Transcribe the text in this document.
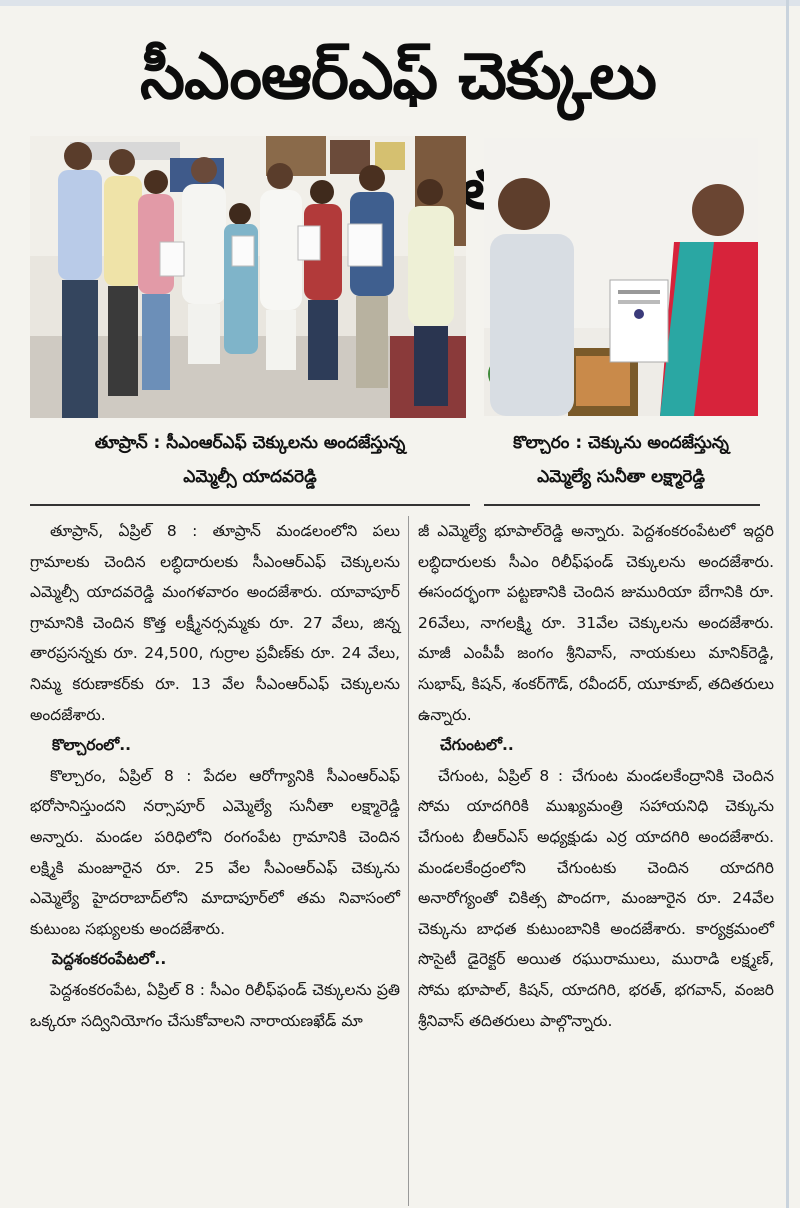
సీఎంఆర్ఎఫ్ చెక్కులు
తూప్రాన్ : సీఎంఆర్ఎఫ్ చెక్కులను అందజేస్తున్న
ఎమ్మెల్సీ యాదవరెడ్డి
కొల్చారం : చెక్కును అందజేస్తున్న
ఎమ్మెల్యే సునీతా లక్ష్మారెడ్డి

తూప్రాన్, ఏప్రిల్ 8 : తూప్రాన్ మండలంలోని పలు గ్రామాలకు చెందిన లబ్ధిదారులకు సీఎంఆర్ఎఫ్ చెక్కులను ఎమ్మెల్సీ యాదవరెడ్డి మంగళవారం అందజేశారు. యావాపూర్ గ్రామానికి చెందిన కొత్త లక్ష్మీనర్సమ్మకు రూ. 27 వేలు, జిన్న తారప్రసన్నకు రూ. 24,500, గుర్రాల ప్రవీణ్‌కు రూ. 24 వేలు, నిమ్మ కరుణాకర్‌కు రూ. 13 వేల సీఎంఆర్ఎఫ్ చెక్కులను అందజేశారు.

కొల్చారంలో..

కొల్చారం, ఏప్రిల్ 8 : పేదల ఆరోగ్యానికి సీఎంఆర్ఎఫ్ భరోసానిస్తుందని నర్సాపూర్ ఎమ్మెల్యే సునీతా లక్ష్మారెడ్డి అన్నారు. మండల పరిధిలోని రంగంపేట గ్రామానికి చెందిన లక్ష్మికి మంజూరైన రూ. 25 వేల సీఎంఆర్ఎఫ్ చెక్కును ఎమ్మెల్యే హైదరాబాద్‌లోని మాదాపూర్‌లో తమ నివాసంలో కుటుంబ సభ్యులకు అందజేశారు.

పెద్దశంకరంపేటలో..

పెద్దశంకరంపేట, ఏప్రిల్ 8 : సీఎం రిలీఫ్‌ఫండ్ చెక్కులను ప్రతి ఒక్కరూ సద్వినియోగం చేసుకోవాలని నారాయణఖేడ్ మా

జీ ఎమ్మెల్యే భూపాల్‌రెడ్డి అన్నారు. పెద్దశంకరంపేటలో ఇద్దరి లబ్ధిదారులకు సీఎం రిలీఫ్‌ఫండ్ చెక్కులను అందజేశారు. ఈసందర్భంగా పట్టణానికి చెందిన జుమురియా బేగానికి రూ. 26వేలు, నాగలక్ష్మి రూ. 31వేల చెక్కులను అందజేశారు. మాజీ ఎంపీపీ జంగం శ్రీనివాస్, నాయకులు మానిక్‌రెడ్డి, సుభాష్, కిషన్, శంకర్‌గౌడ్, రవీందర్, యూకూబ్, తదితరులు ఉన్నారు.

చేగుంటలో..

చేగుంట, ఏప్రిల్ 8 : చేగుంట మండలకేంద్రానికి చెందిన సోమ యాదగిరికి ముఖ్యమంత్రి సహాయనిధి చెక్కును చేగుంట బీఆర్ఎస్ అధ్యక్షుడు ఎర్ర యాదగిరి అందజేశారు. మండలకేంద్రంలోని చేగుంటకు చెందిన యాదగిరి అనారోగ్యంతో చికిత్స పొందగా, మంజూరైన రూ. 24వేల చెక్కును బాధత కుటుంబానికి అందజేశారు. కార్యక్రమంలో సొసైటీ డైరెక్టర్ అయిత రఘురాములు, మురాడి లక్ష్మణ్, సోమ భూపాల్, కిషన్, యాదగిరి, భరత్, భగవాన్, వంజరి శ్రీనివాస్ తదితరులు పాల్గొన్నారు.
